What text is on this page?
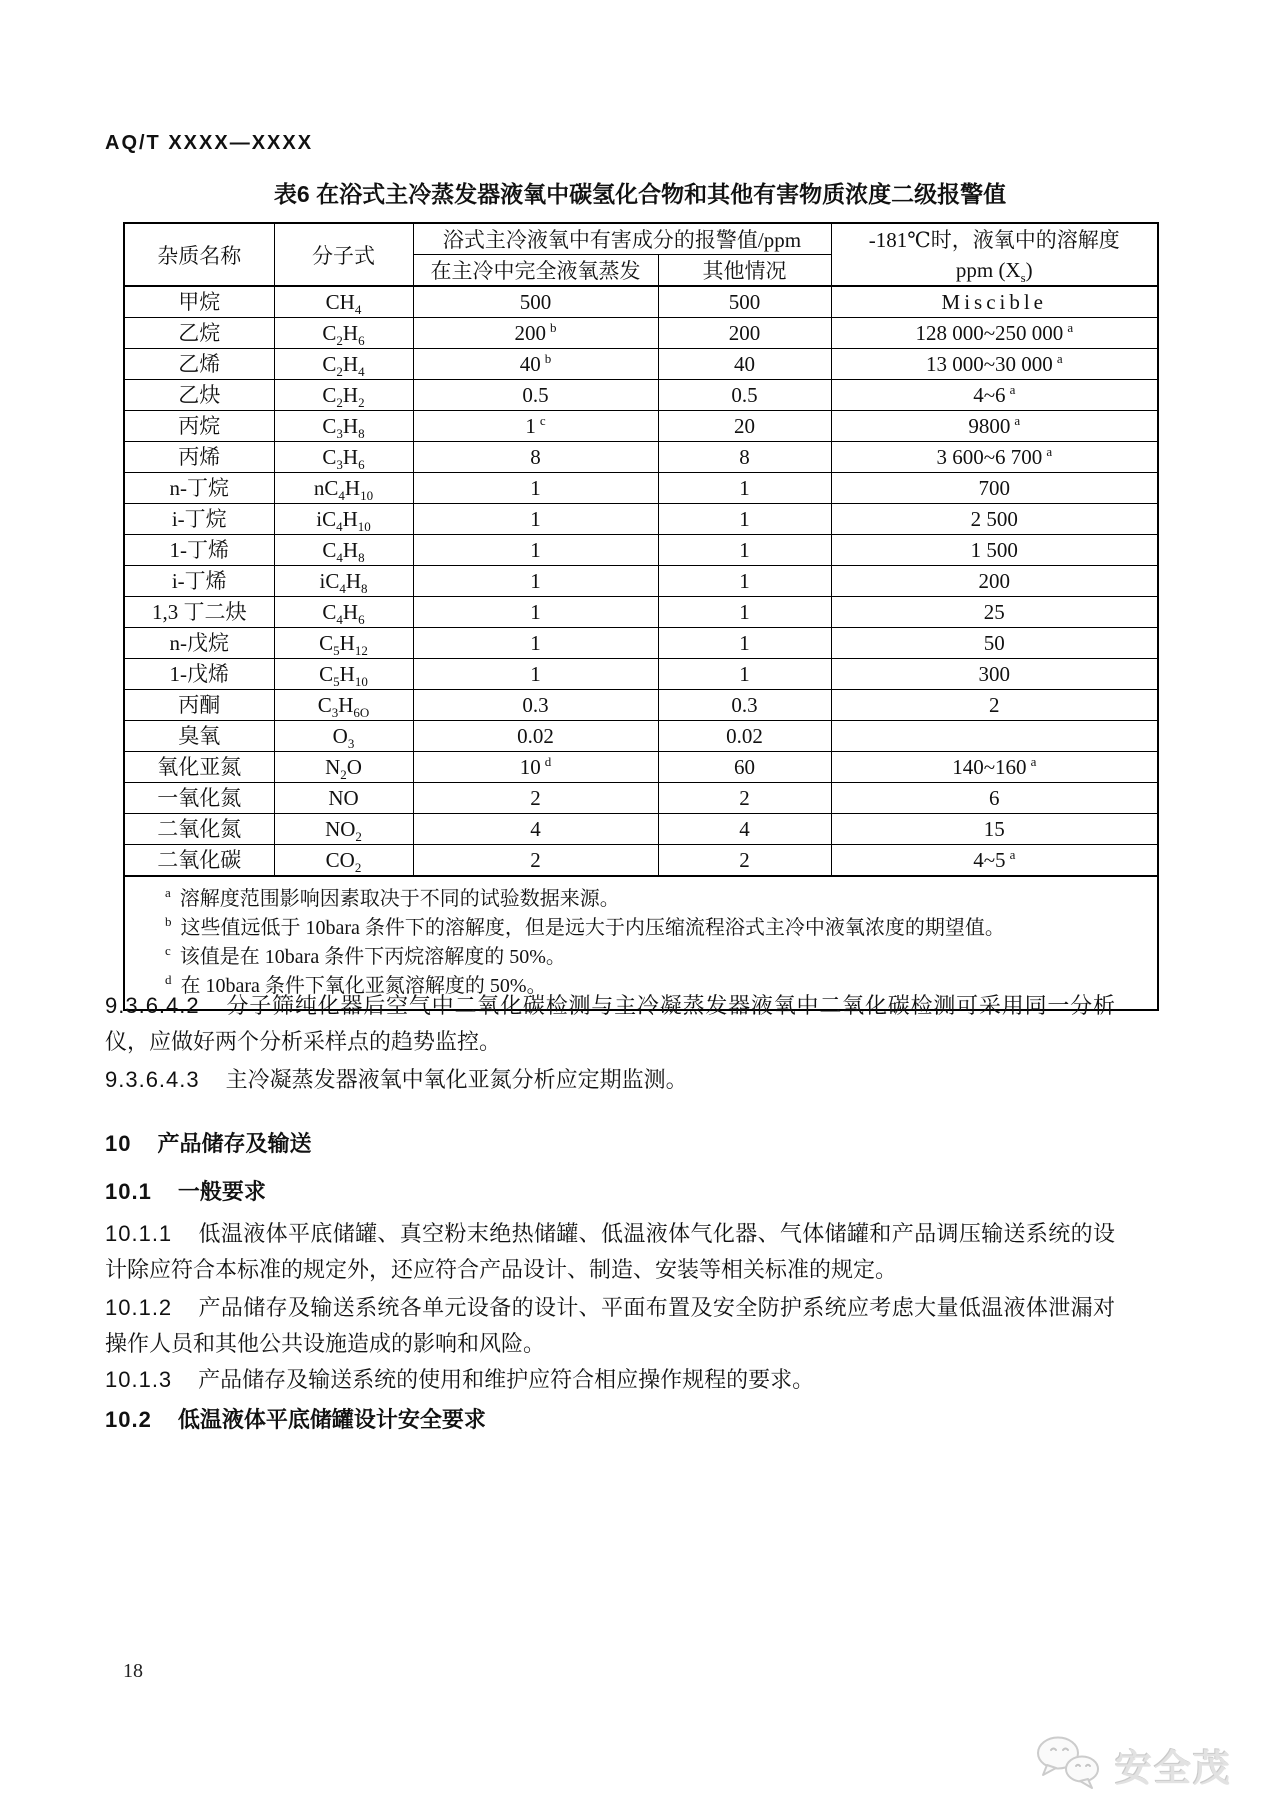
AQ/T XXXX—XXXX
表6 在浴式主冷蒸发器液氧中碳氢化合物和其他有害物质浓度二级报警值
杂质名称	分子式	浴式主冷液氧中有害成分的报警值/ppm		-181℃时，液氧中的溶解度
ppm $(X_s)$

		在主冷中完全液氧蒸发	其他情况	
甲烷	$CH_4$	500	500	Miscible
乙烷	$C_2H_6$	200 $^b$	200	128 000~250 000 $^a$
乙烯	$C_2H_4$	40 $^b$	40	13 000~30 000 $^a$
乙炔	$C_2H_2$	0.5	0.5	4~6 $^a$
丙烷	$C_3H_8$	1 $^c$	20	9800 $^a$
丙烯	$C_3H_6$	8	8	3 600~6 700 $^a$
n-丁烷	$nC_4H_{10}$	1	1	700
i-丁烷	$iC_4H_{10}$	1	1	2 500
1-丁烯	$C_4H_8$	1	1	1 500
i-丁烯	$iC_4H_8$	1	1	200
1,3 丁二炔	$C_4H_6$	1	1	25
n-戊烷	$C_5H_{12}$	1	1	50
1-戊烯	$C_5H_{10}$	1	1	300
丙酮	$C_3H_{6O}$	0.3	0.3	2
臭氧	$O_3$	0.02	0.02	
氧化亚氮	$N_2O$	10 $^d$	60	140~160 $^a$
一氧化氮	NO	2	2	6
二氧化氮	$NO_2$	4	4	15
二氧化碳	$CO_2$	2	2	4~5 $^a$

$^a$ 溶解度范围影响因素取决于不同的试验数据来源。
$^b$ 这些值远低于 10bara 条件下的溶解度，但是远大于内压缩流程浴式主冷中液氧浓度的期望值。
$^c$ 该值是在 10bara 条件下丙烷溶解度的 50%。
$^d$ 在 10bara 条件下氧化亚氮溶解度的 50%。				

9.3.6.4.2 分子筛纯化器后空气中二氧化碳检测与主冷凝蒸发器液氧中二氧化碳检测可采用同一分析仪，应做好两个分析采样点的趋势监控。

9.3.6.4.3 主冷凝蒸发器液氧中氧化亚氮分析应定期监测。

10 产品储存及输送
10.1 一般要求

10.1.1 低温液体平底储罐、真空粉末绝热储罐、低温液体气化器、气体储罐和产品调压输送系统的设计除应符合本标准的规定外，还应符合产品设计、制造、安装等相关标准的规定。

10.1.2 产品储存及输送系统各单元设备的设计、平面布置及安全防护系统应考虑大量低温液体泄漏对操作人员和其他公共设施造成的影响和风险。

10.1.3 产品储存及输送系统的使用和维护应符合相应操作规程的要求。

10.2 低温液体平底储罐设计安全要求
18
安全茂
